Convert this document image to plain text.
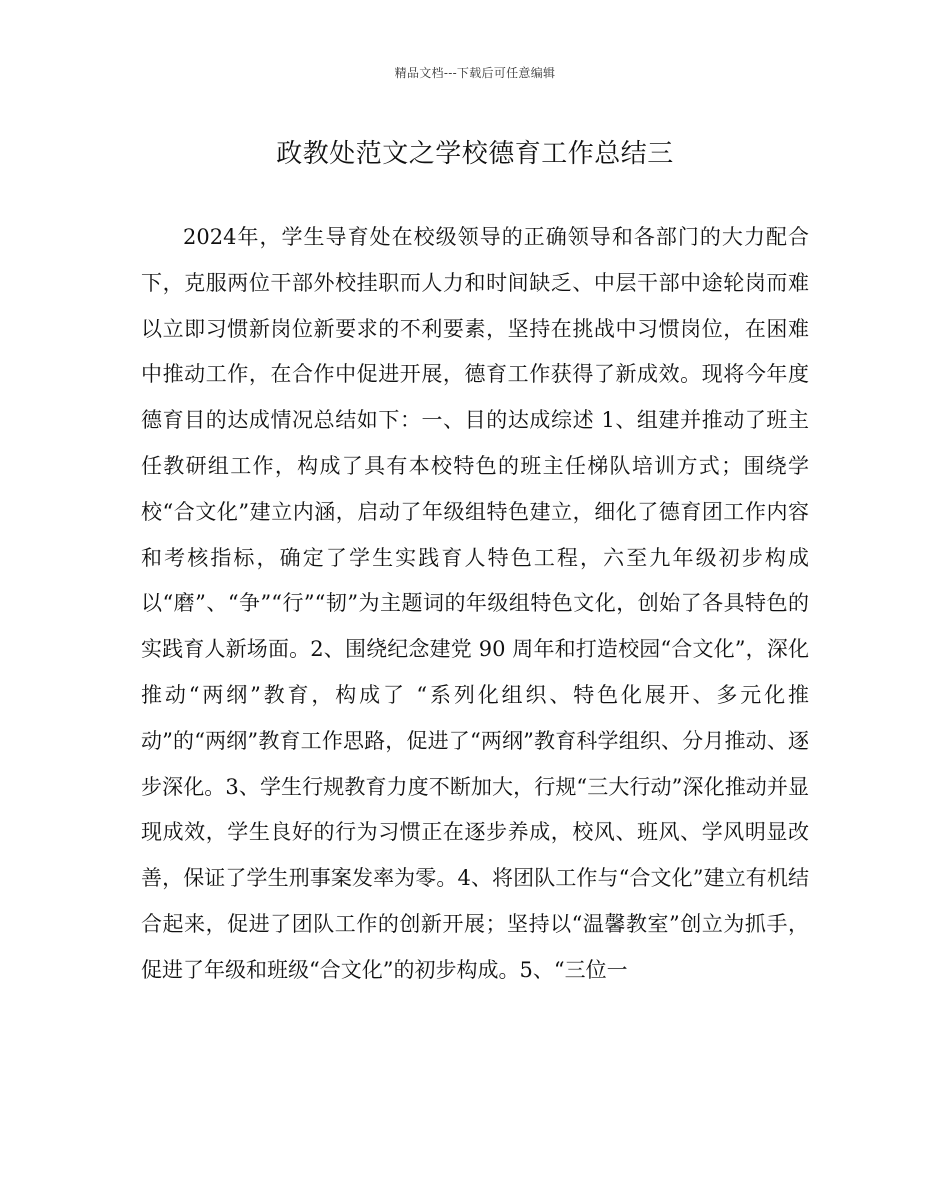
精品文档---下载后可任意编辑
政教处范文之学校德育工作总结三

2024年，学生导育处在校级领导的正确领导和各部门的大力配合下，克服两位干部外校挂职而人力和时间缺乏、中层干部中途轮岗而难以立即习惯新岗位新要求的不利要素，坚持在挑战中习惯岗位，在困难中推动工作，在合作中促进开展，德育工作获得了新成效。现将今年度德育目的达成情况总结如下：一、目的达成综述 1、组建并推动了班主任教研组工作，构成了具有本校特色的班主任梯队培训方式；围绕学校“合文化”建立内涵，启动了年级组特色建立，细化了德育团工作内容和考核指标，确定了学生实践育人特色工程，六至九年级初步构成以“磨”、“争”“行”“韧”为主题词的年级组特色文化，创始了各具特色的实践育人新场面。2、围绕纪念建党 90 周年和打造校园“合文化”，深化推动“两纲”教育，构成了 “系列化组织、特色化展开、多元化推动”的“两纲”教育工作思路，促进了“两纲”教育科学组织、分月推动、逐步深化。3、学生行规教育力度不断加大，行规“三大行动”深化推动并显现成效，学生良好的行为习惯正在逐步养成，校风、班风、学风明显改善，保证了学生刑事案发率为零。4、将团队工作与“合文化”建立有机结合起来，促进了团队工作的创新开展；坚持以“温馨教室”创立为抓手，促进了年级和班级“合文化”的初步构成。5、“三位一
